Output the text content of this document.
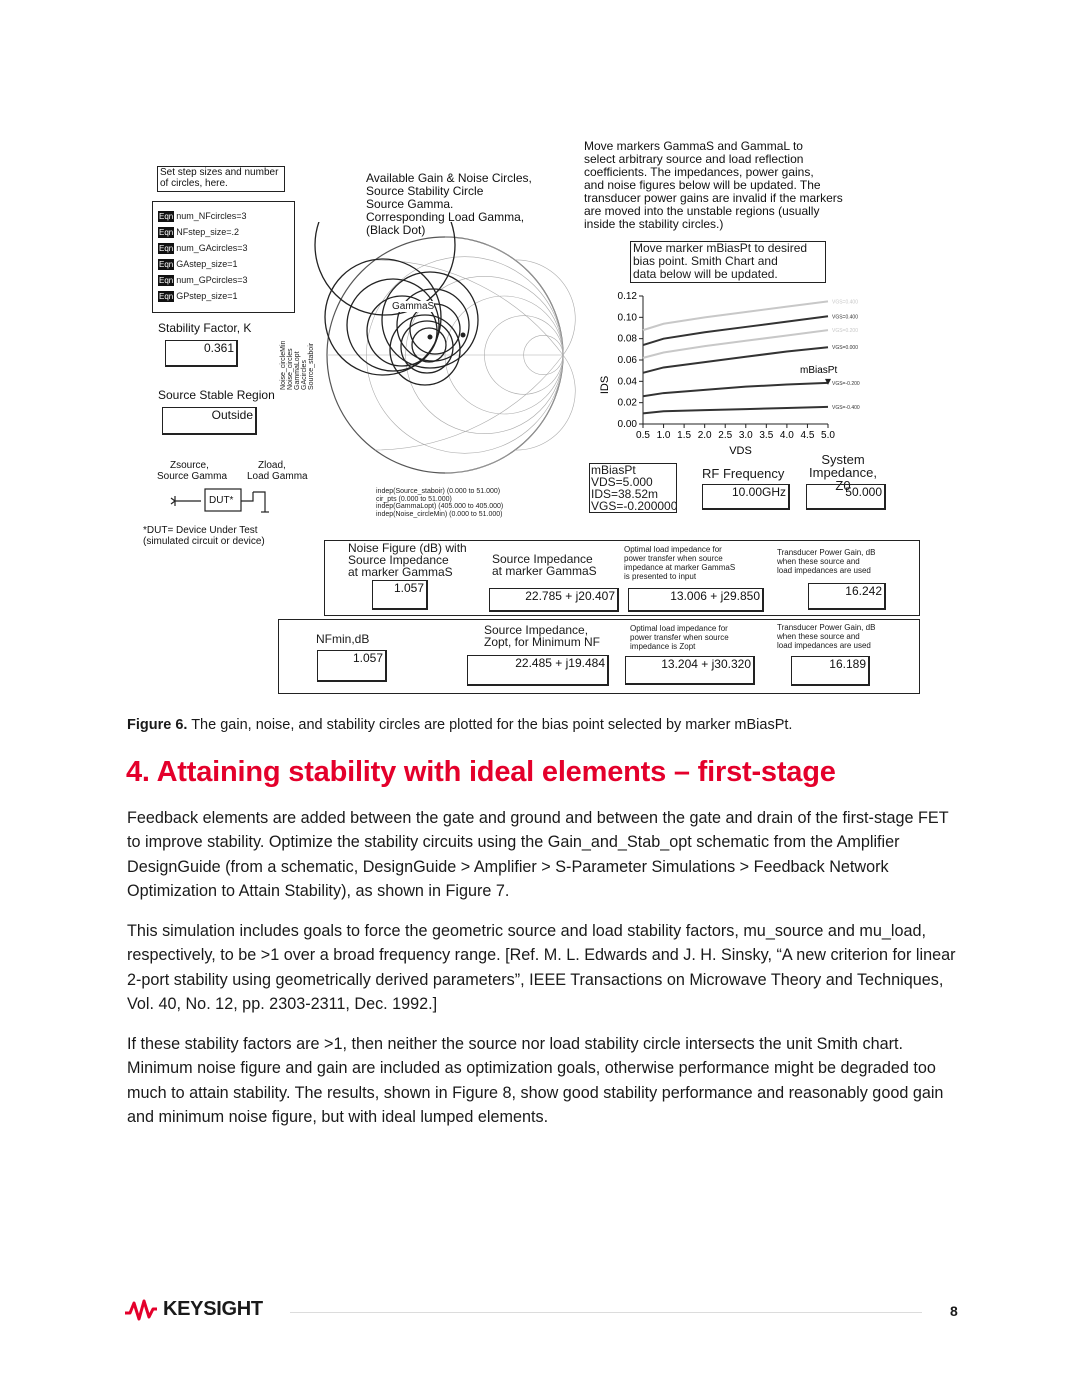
Set step sizes and number of circles, here.
Eqn num_NFcircles=3
Eqn NFstep_size=.2
Eqn num_GAcircles=3
Eqn GAstep_size=1
Eqn num_GPcircles=3
Eqn GPstep_size=1
Stability Factor, K
0.361
Source Stable Region
Outside
Noise_circleMin Noise_circles GammaLopt GAcircles Source_staboir
Zsource,
Source Gamma
Zload,
Load Gamma
DUT*
*DUT= Device Under Test
(simulated circuit or device)
Available Gain & Noise Circles,
Source Stability Circle
Source Gamma.
Corresponding Load Gamma,
(Black Dot)
GammaS
indep(Source_staboir) (0.000 to 51.000)
cir_pts (0.000 to 51.000)
indep(GammaLopt) (405.000 to 405.000)
indep(Noise_circleMin) (0.000 to 51.000)
Move markers GammaS and GammaL to
select arbitrary source and load reflection
coefficients. The impedances, power gains,
and noise figures below will be updated. The
transducer power gains are invalid if the markers
are moved into the unstable regions (usually
inside the stability circles.)
Move marker mBiasPt to desired
bias point. Smith Chart and
data below will be updated.
0.00
0.02
0.04
0.06
0.08
0.10
0.12
0.5 1.0 1.5 2.0 2.5 3.0 3.5 4.0 4.5 5.0
VDS
IDS
VGS=0.400
VGS=0.400
VGS=0.200
VGS=0.000
VGS=-0.200
VGS=-0.400
mBiasPt
mBiasPt
VDS=5.000
IDS=38.52m
VGS=-0.200000
RF Frequency
10.00GHz
System
Impedance, Z0
50.000
Noise Figure (dB) with
Source Impedance
at marker GammaS
1.057
Source Impedance
at marker GammaS
22.785 + j20.407
Optimal load impedance for
power transfer when source
impedance at marker GammaS
is presented to input
13.006 + j29.850
Transducer Power Gain, dB
when these source and
load impedances are used
16.242
NFmin,dB
1.057
Source Impedance,
Zopt, for Minimum NF
22.485 + j19.484
Optimal load impedance for
power transfer when source
impedance is Zopt
13.204 + j30.320
Transducer Power Gain, dB
when these source and
load impedances are used
16.189
Figure 6. The gain, noise, and stability circles are plotted for the bias point selected by marker mBiasPt.
4. Attaining stability with ideal elements – first-stage

Feedback elements are added between the gate and ground and between the gate and drain of the first-stage FET to improve stability. Optimize the stability circuits using the Gain_and_Stab_opt schematic from the Amplifier DesignGuide (from a schematic, DesignGuide > Amplifier > S-Parameter Simulations > Feedback Network Optimization to Attain Stability), as shown in Figure 7.

This simulation includes goals to force the geometric source and load stability factors, mu_source and mu_load, respectively, to be >1 over a broad frequency range. [Ref. M. L. Edwards and J. H. Sinsky, “A new criterion for linear 2-port stability using geometrically derived parameters”, IEEE Transactions on Microwave Theory and Techniques, Vol. 40, No. 12, pp. 2303-2311, Dec. 1992.]

If these stability factors are >1, then neither the source nor load stability circle intersects the unit Smith chart. Minimum noise figure and gain are included as optimization goals, otherwise performance might be degraded too much to attain stability. The results, shown in Figure 8, show good stability performance and reasonably good gain and minimum noise figure, but with ideal lumped elements.

KEYSIGHT	8
